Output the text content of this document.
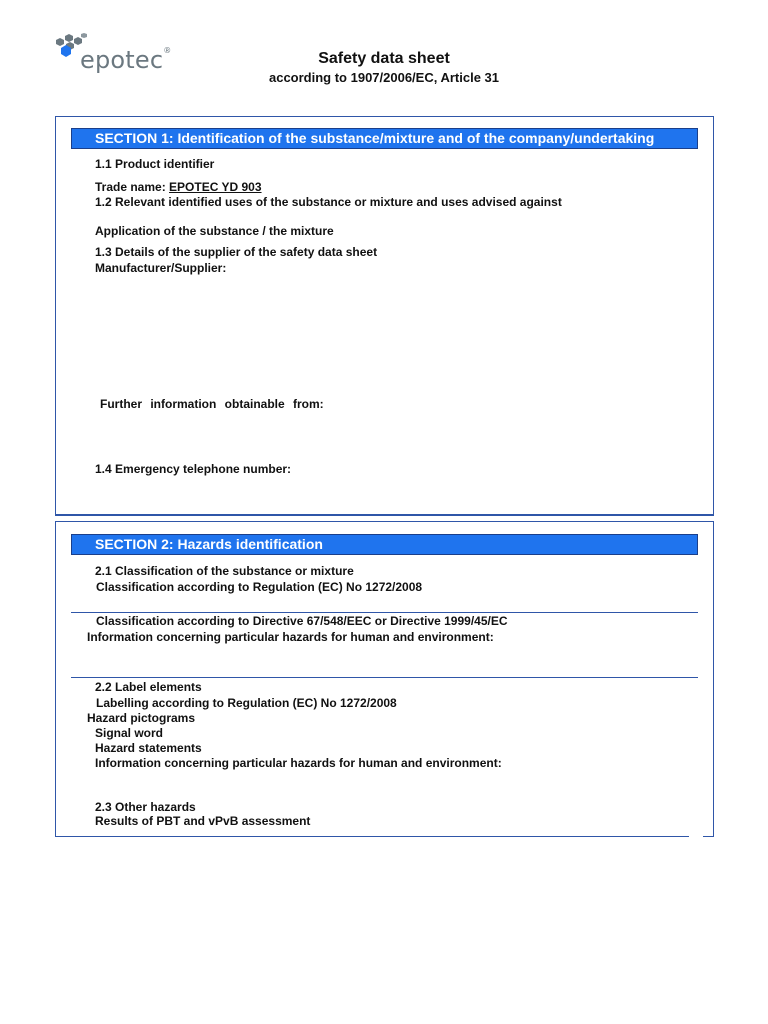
epotec®	Safety data sheet
according to 1907/2006/EC, Article 31
SECTION 1: Identification of the substance/mixture and of the company/undertaking
1.1 Product identifier
Trade name: EPOTEC YD 903
1.2 Relevant identified uses of the substance or mixture and uses advised against
Application of the substance / the mixture
1.3 Details of the supplier of the safety data sheet
Manufacturer/Supplier:
Further information obtainable from:
1.4 Emergency telephone number:
SECTION 2: Hazards identification
2.1 Classification of the substance or mixture
Classification according to Regulation (EC) No 1272/2008
Classification according to Directive 67/548/EEC or Directive 1999/45/EC
Information concerning particular hazards for human and environment:
2.2 Label elements
Labelling according to Regulation (EC) No 1272/2008
Hazard pictograms
Signal word
Hazard statements
Information concerning particular hazards for human and environment:
2.3 Other hazards
Results of PBT and vPvB assessment
